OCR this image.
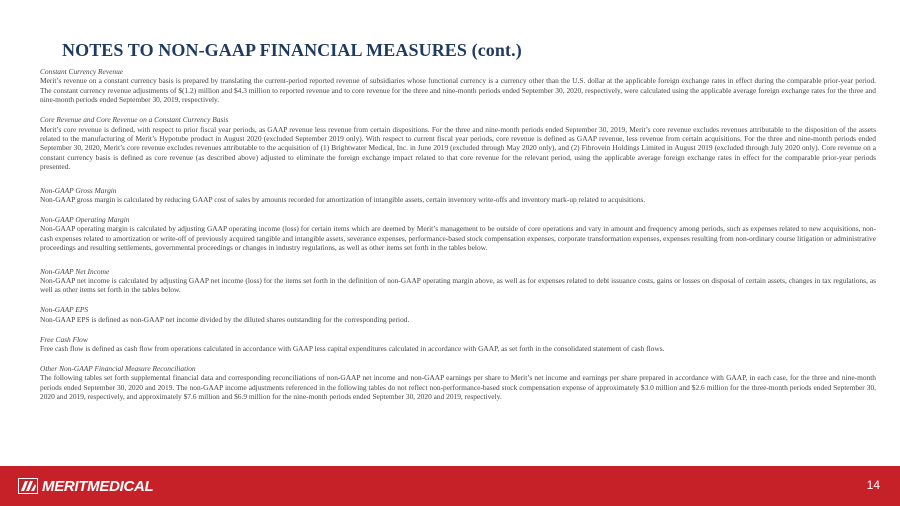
NOTES TO NON-GAAP FINANCIAL MEASURES (cont.)

Constant Currency Revenue

Merit’s revenue on a constant currency basis is prepared by translating the current-period reported revenue of subsidiaries whose functional currency is a currency other than the U.S. dollar at the applicable foreign exchange rates in effect during the comparable prior-year period. The constant currency revenue adjustments of $(1.2) million and $4.3 million to reported revenue and to core revenue for the three and nine-month periods ended September 30, 2020, respectively, were calculated using the applicable average foreign exchange rates for the three and nine-month periods ended September 30, 2019, respectively.

Core Revenue and Core Revenue on a Constant Currency Basis

Merit’s core revenue is defined, with respect to prior fiscal year periods, as GAAP revenue less revenue from certain dispositions. For the three and nine-month periods ended September 30, 2019, Merit’s core revenue excludes revenues attributable to the disposition of the assets related to the manufacturing of Merit’s Hypotube product in August 2020 (excluded September 2019 only). With respect to current fiscal year periods, core revenue is defined as GAAP revenue, less revenue from certain acquisitions. For the three and nine-month periods ended September 30, 2020, Merit’s core revenue excludes revenues attributable to the acquisition of (1) Brightwater Medical, Inc. in June 2019 (excluded through May 2020 only), and (2) Fibrovein Holdings Limited in August 2019 (excluded through July 2020 only). Core revenue on a constant currency basis is defined as core revenue (as described above) adjusted to eliminate the foreign exchange impact related to that core revenue for the relevant period, using the applicable average foreign exchange rates in effect for the comparable prior-year periods presented.

Non-GAAP Gross Margin

Non-GAAP gross margin is calculated by reducing GAAP cost of sales by amounts recorded for amortization of intangible assets, certain inventory write-offs and inventory mark-up related to acquisitions.

Non-GAAP Operating Margin

Non-GAAP operating margin is calculated by adjusting GAAP operating income (loss) for certain items which are deemed by Merit’s management to be outside of core operations and vary in amount and frequency among periods, such as expenses related to new acquisitions, non-cash expenses related to amortization or write-off of previously acquired tangible and intangible assets, severance expenses, performance-based stock compensation expenses, corporate transformation expenses, expenses resulting from non-ordinary course litigation or administrative proceedings and resulting settlements, governmental proceedings or changes in industry regulations, as well as other items set forth in the tables below.

Non-GAAP Net Income

Non-GAAP net income is calculated by adjusting GAAP net income (loss) for the items set forth in the definition of non-GAAP operating margin above, as well as for expenses related to debt issuance costs, gains or losses on disposal of certain assets, changes in tax regulations, as well as other items set forth in the tables below.

Non-GAAP EPS

Non-GAAP EPS is defined as non-GAAP net income divided by the diluted shares outstanding for the corresponding period.

Free Cash Flow

Free cash flow is defined as cash flow from operations calculated in accordance with GAAP less capital expenditures calculated in accordance with GAAP, as set forth in the consolidated statement of cash flows.

Other Non-GAAP Financial Measure Reconciliation

The following tables set forth supplemental financial data and corresponding reconciliations of non-GAAP net income and non-GAAP earnings per share to Merit’s net income and earnings per share prepared in accordance with GAAP, in each case, for the three and nine-month periods ended September 30, 2020 and 2019. The non-GAAP income adjustments referenced in the following tables do not reflect non-performance-based stock compensation expense of approximately $3.0 million and $2.6 million for the three-month periods ended September 30, 2020 and 2019, respectively, and approximately $7.6 million and $6.9 million for the nine-month periods ended September 30, 2020 and 2019, respectively.

MERITMEDICAL	14
